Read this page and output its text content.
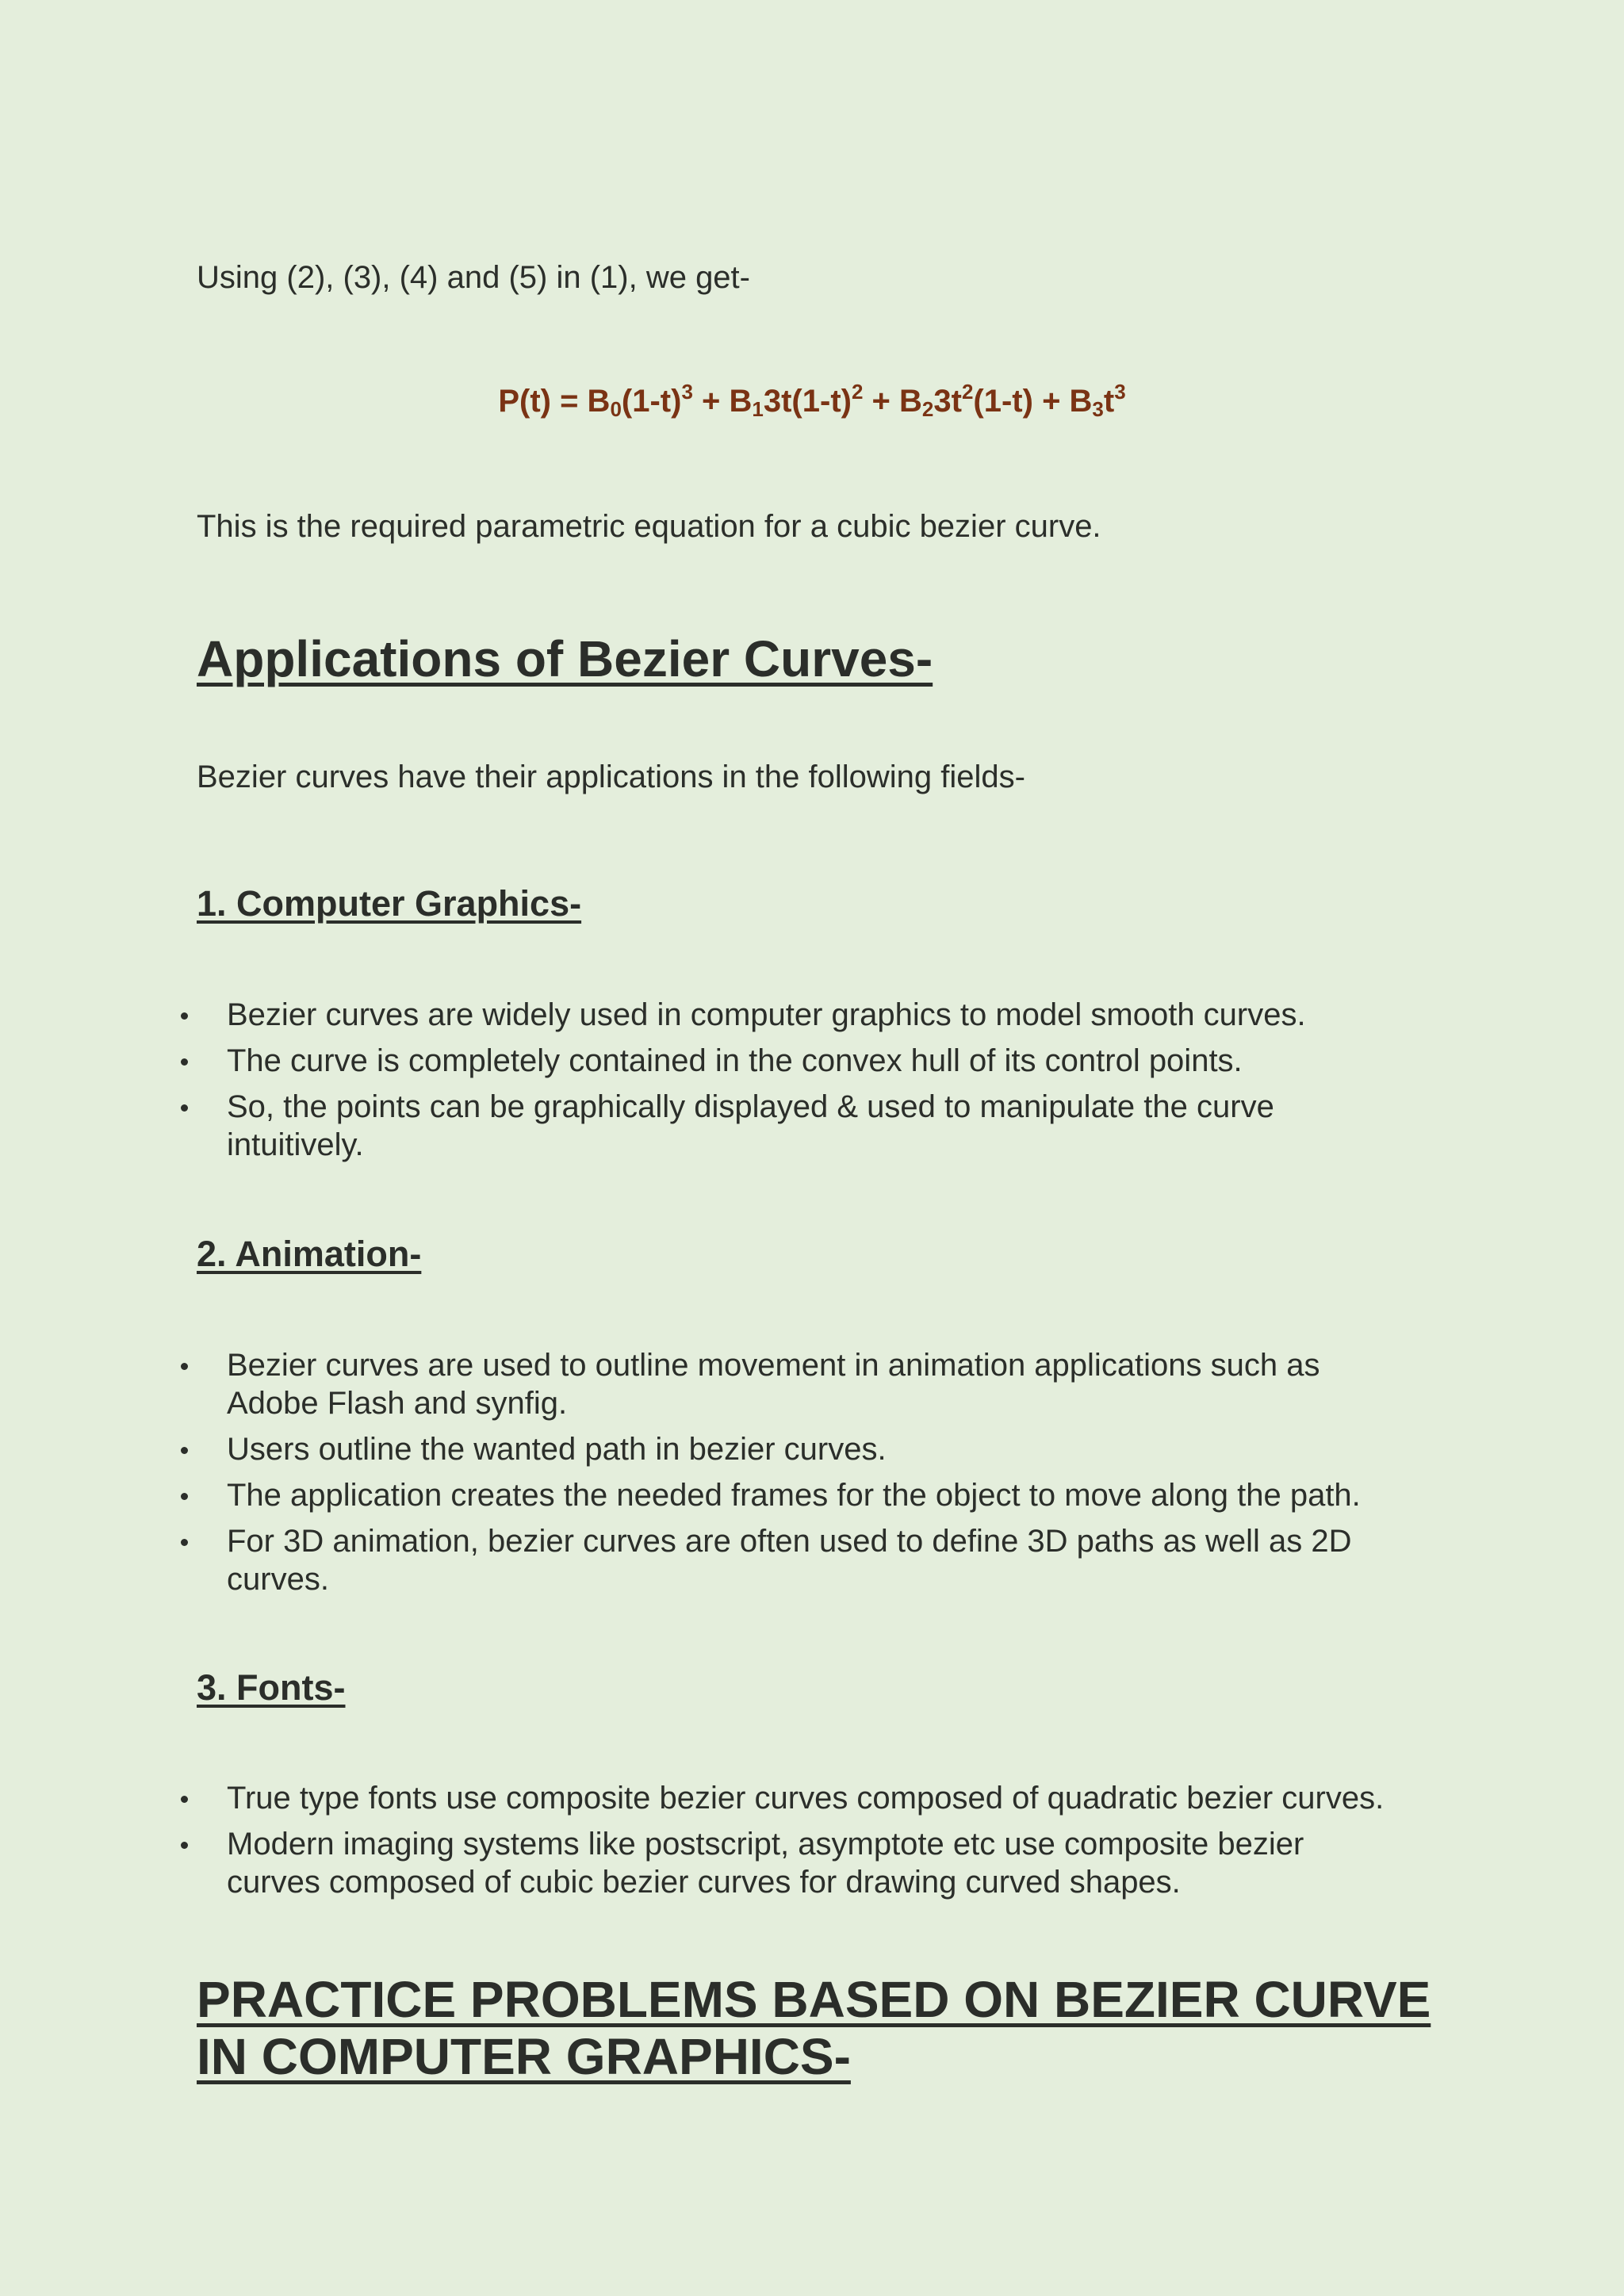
Using (2), (3), (4) and (5) in (1), we get-

$P(t) = B_0(1-t)^3 + B_13t(1-t)^2 + B_23t^2(1-t) + B_3t^3$

This is the required parametric equation for a cubic bezier curve.

Applications of Bezier Curves-

Bezier curves have their applications in the following fields-

1. Computer Graphics-
Bezier curves are widely used in computer graphics to model smooth curves.
The curve is completely contained in the convex hull of its control points.
So, the points can be graphically displayed & used to manipulate the curve intuitively.
2. Animation-
Bezier curves are used to outline movement in animation applications such as Adobe Flash and synfig.
Users outline the wanted path in bezier curves.
The application creates the needed frames for the object to move along the path.
For 3D animation, bezier curves are often used to define 3D paths as well as 2D curves.
3. Fonts-
True type fonts use composite bezier curves composed of quadratic bezier curves.
Modern imaging systems like postscript, asymptote etc use composite bezier curves composed of cubic bezier curves for drawing curved shapes.
PRACTICE PROBLEMS BASED ON BEZIER CURVE IN COMPUTER GRAPHICS-
